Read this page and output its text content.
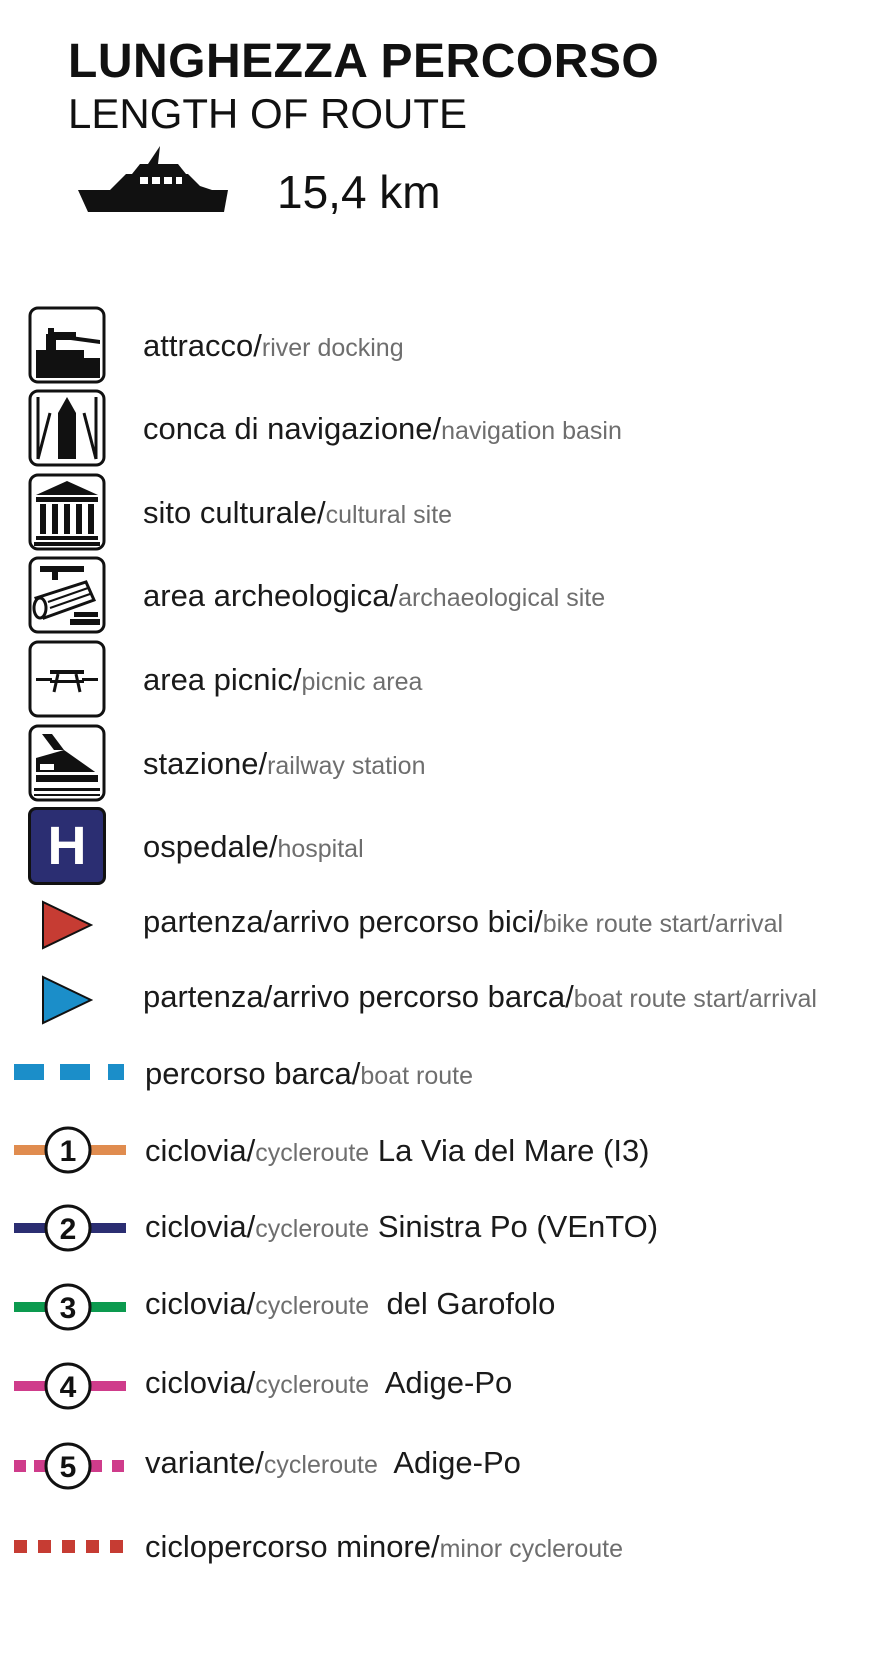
LUNGHEZZA PERCORSO
LENGTH OF ROUTE
15,4 km
attracco/river docking
conca di navigazione/navigation basin
sito culturale/cultural site
area archeologica/archaeological site
area picnic/picnic area
stazione/railway station
H	ospedale/hospital
partenza/arrivo percorso bici/bike route start/arrival
partenza/arrivo percorso barca/boat route start/arrival
percorso barca/boat route
1 ciclovia/cycleroute La Via del Mare (I3)
2 ciclovia/cycleroute Sinistra Po (VEnTO)
3 ciclovia/cycleroute  del Garofolo
4 ciclovia/cycleroute  Adige-Po
5 variante/cycleroute  Adige-Po
ciclopercorso minore/minor cycleroute
